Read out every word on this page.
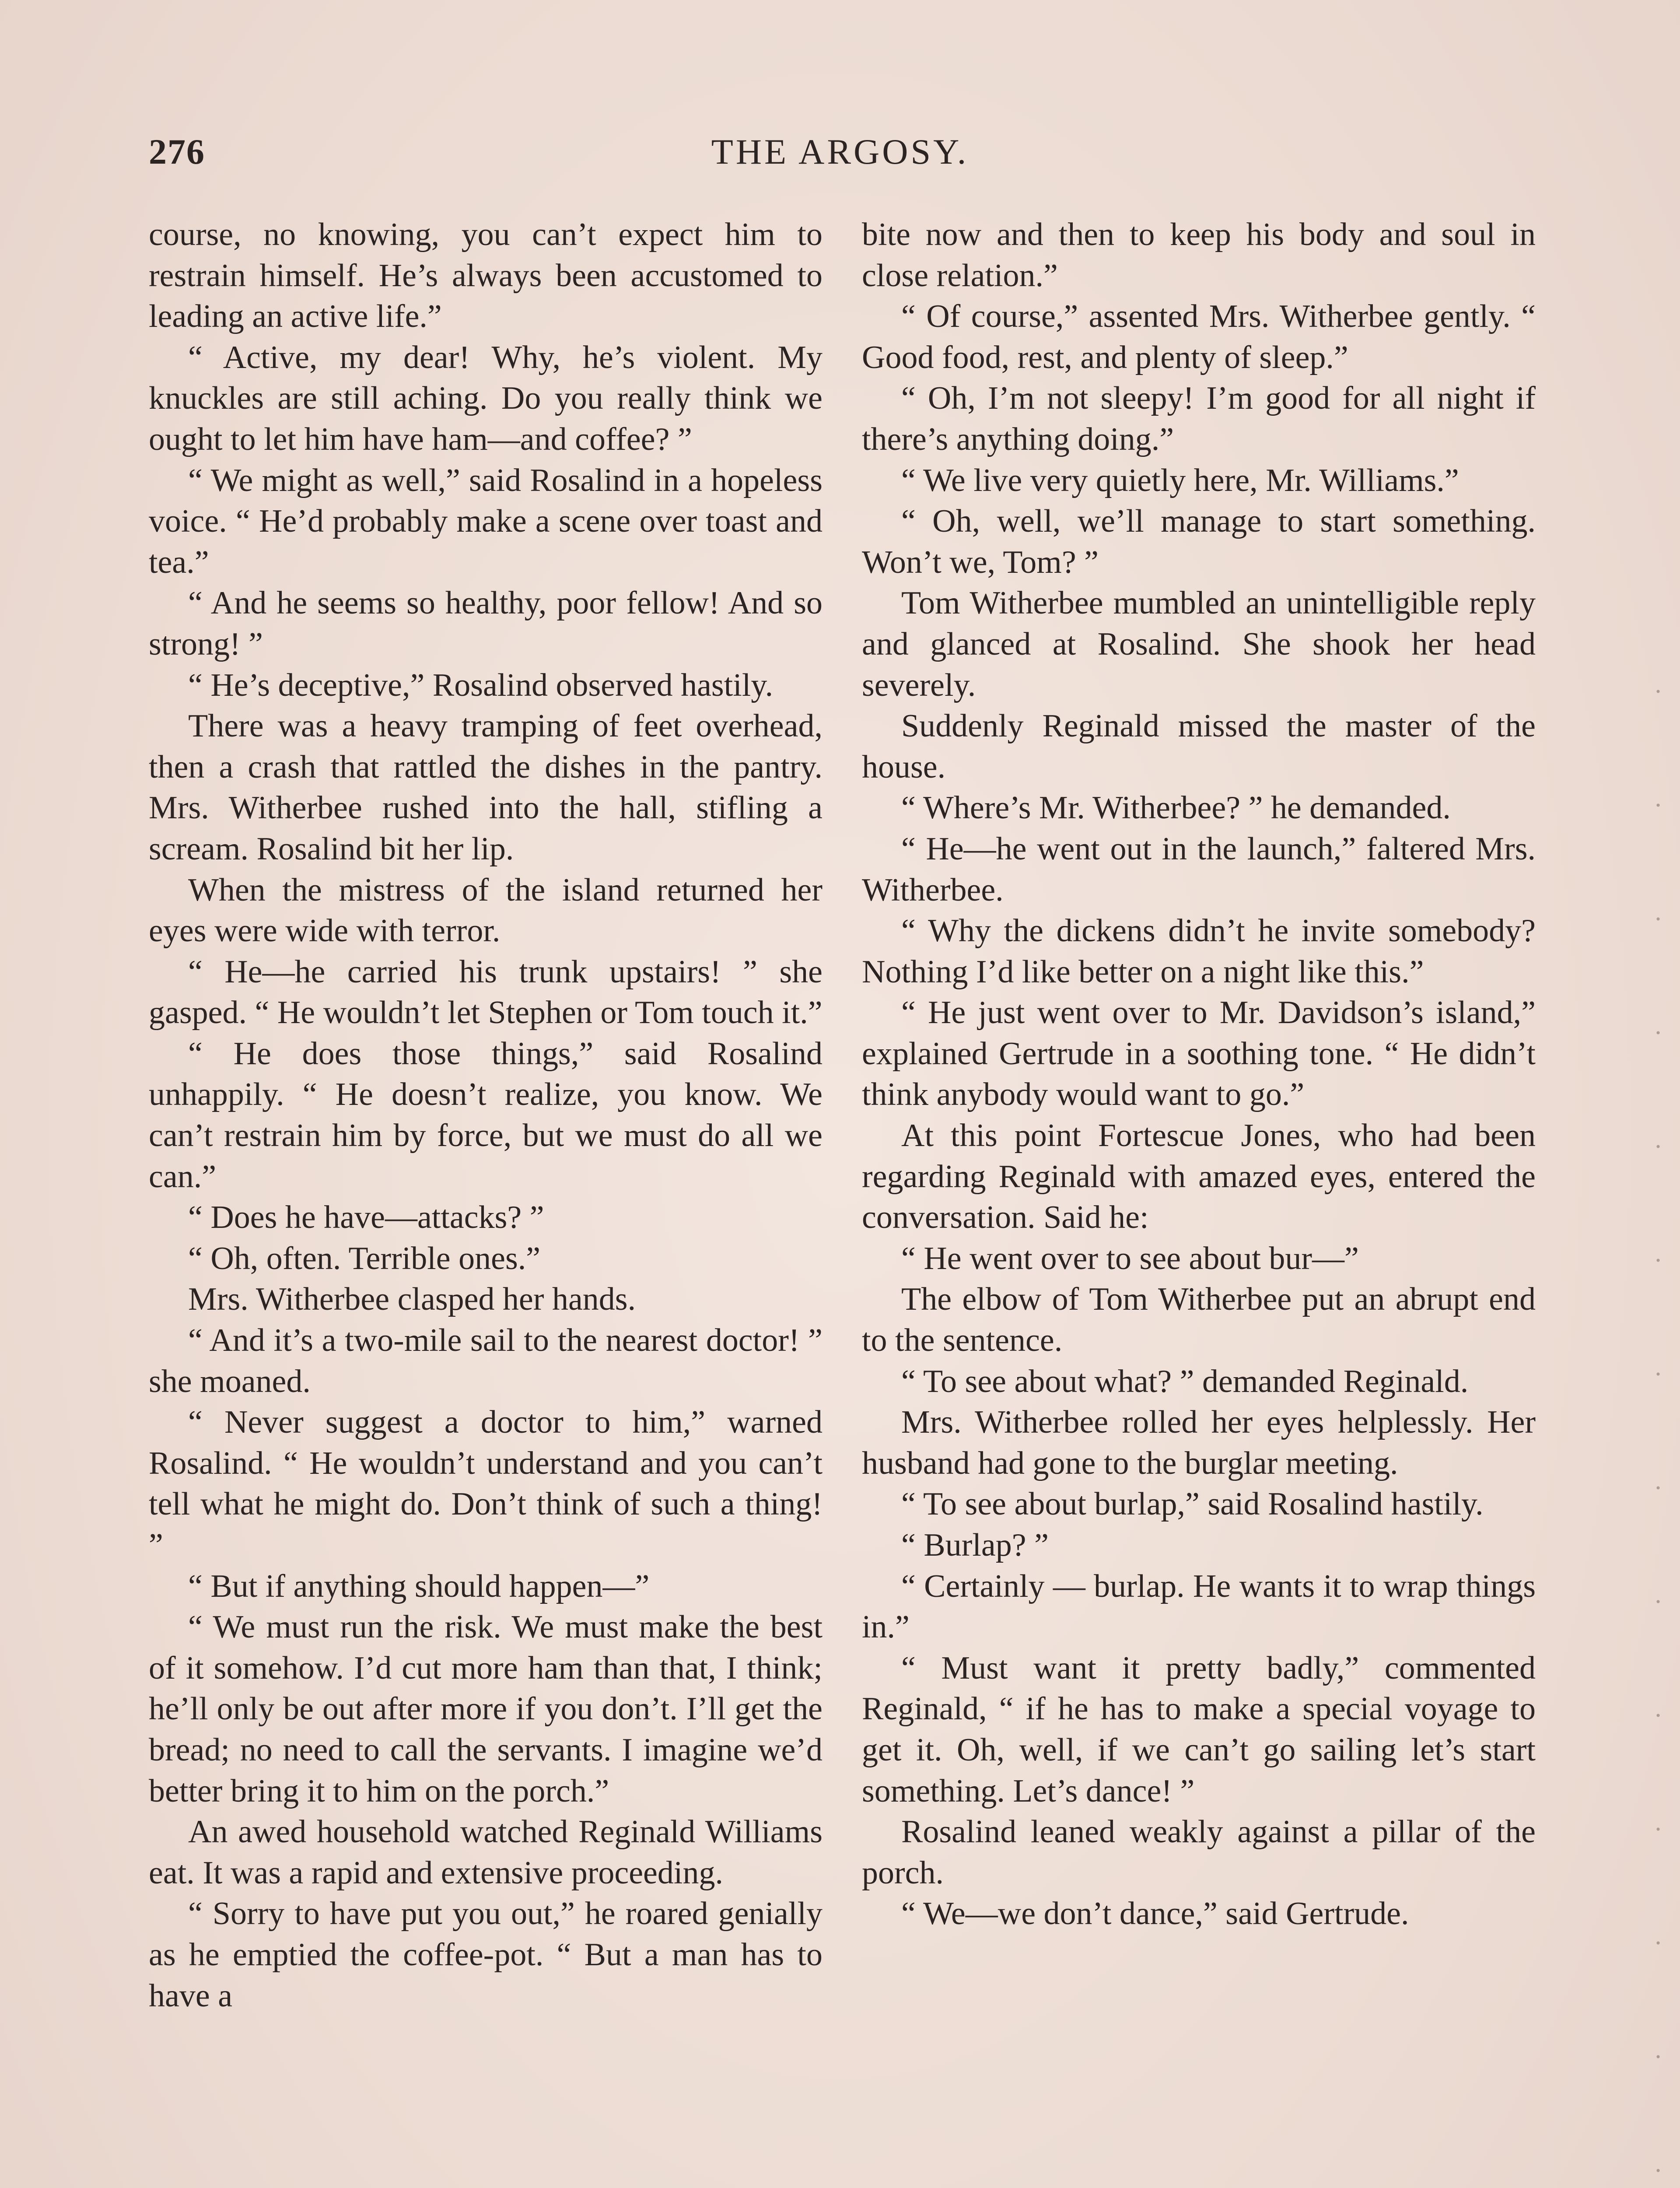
276	THE ARGOSY.

course, no knowing, you can’t expect him to restrain himself. He’s always been accustomed to leading an active life.”

“ Active, my dear! Why, he’s violent. My knuckles are still aching. Do you really think we ought to let him have ham—and coffee? ”

“ We might as well,” said Rosalind in a hopeless voice. “ He’d probably make a scene over toast and tea.”

“ And he seems so healthy, poor fellow! And so strong! ”

“ He’s deceptive,” Rosalind observed hastily.

There was a heavy tramping of feet overhead, then a crash that rattled the dishes in the pantry. Mrs. Witherbee rushed into the hall, stifling a scream. Rosalind bit her lip.

When the mistress of the island returned her eyes were wide with terror.

“ He—he carried his trunk upstairs! ” she gasped. “ He wouldn’t let Stephen or Tom touch it.”

“ He does those things,” said Rosalind unhappily. “ He doesn’t realize, you know. We can’t restrain him by force, but we must do all we can.”

“ Does he have—attacks? ”

“ Oh, often. Terrible ones.”

Mrs. Witherbee clasped her hands.

“ And it’s a two-mile sail to the nearest doctor! ” she moaned.

“ Never suggest a doctor to him,” warned Rosalind. “ He wouldn’t understand and you can’t tell what he might do. Don’t think of such a thing! ”

“ But if anything should happen—”

“ We must run the risk. We must make the best of it somehow. I’d cut more ham than that, I think; he’ll only be out after more if you don’t. I’ll get the bread; no need to call the servants. I imagine we’d better bring it to him on the porch.”

An awed household watched Reginald Williams eat. It was a rapid and extensive proceeding.

“ Sorry to have put you out,” he roared genially as he emptied the coffee-pot. “ But a man has to have a

bite now and then to keep his body and soul in close relation.”

“ Of course,” assented Mrs. Witherbee gently. “ Good food, rest, and plenty of sleep.”

“ Oh, I’m not sleepy! I’m good for all night if there’s anything doing.”

“ We live very quietly here, Mr. Williams.”

“ Oh, well, we’ll manage to start something. Won’t we, Tom? ”

Tom Witherbee mumbled an unintelligible reply and glanced at Rosalind. She shook her head severely.

Suddenly Reginald missed the master of the house.

“ Where’s Mr. Witherbee? ” he demanded.

“ He—he went out in the launch,” faltered Mrs. Witherbee.

“ Why the dickens didn’t he invite somebody? Nothing I’d like better on a night like this.”

“ He just went over to Mr. Davidson’s island,” explained Gertrude in a soothing tone. “ He didn’t think anybody would want to go.”

At this point Fortescue Jones, who had been regarding Reginald with amazed eyes, entered the conversation. Said he:

“ He went over to see about bur—”

The elbow of Tom Witherbee put an abrupt end to the sentence.

“ To see about what? ” demanded Reginald.

Mrs. Witherbee rolled her eyes helplessly. Her husband had gone to the burglar meeting.

“ To see about burlap,” said Rosalind hastily.

“ Burlap? ”

“ Certainly — burlap. He wants it to wrap things in.”

“ Must want it pretty badly,” commented Reginald, “ if he has to make a special voyage to get it. Oh, well, if we can’t go sailing let’s start something. Let’s dance! ”

Rosalind leaned weakly against a pillar of the porch.

“ We—we don’t dance,” said Gertrude.
